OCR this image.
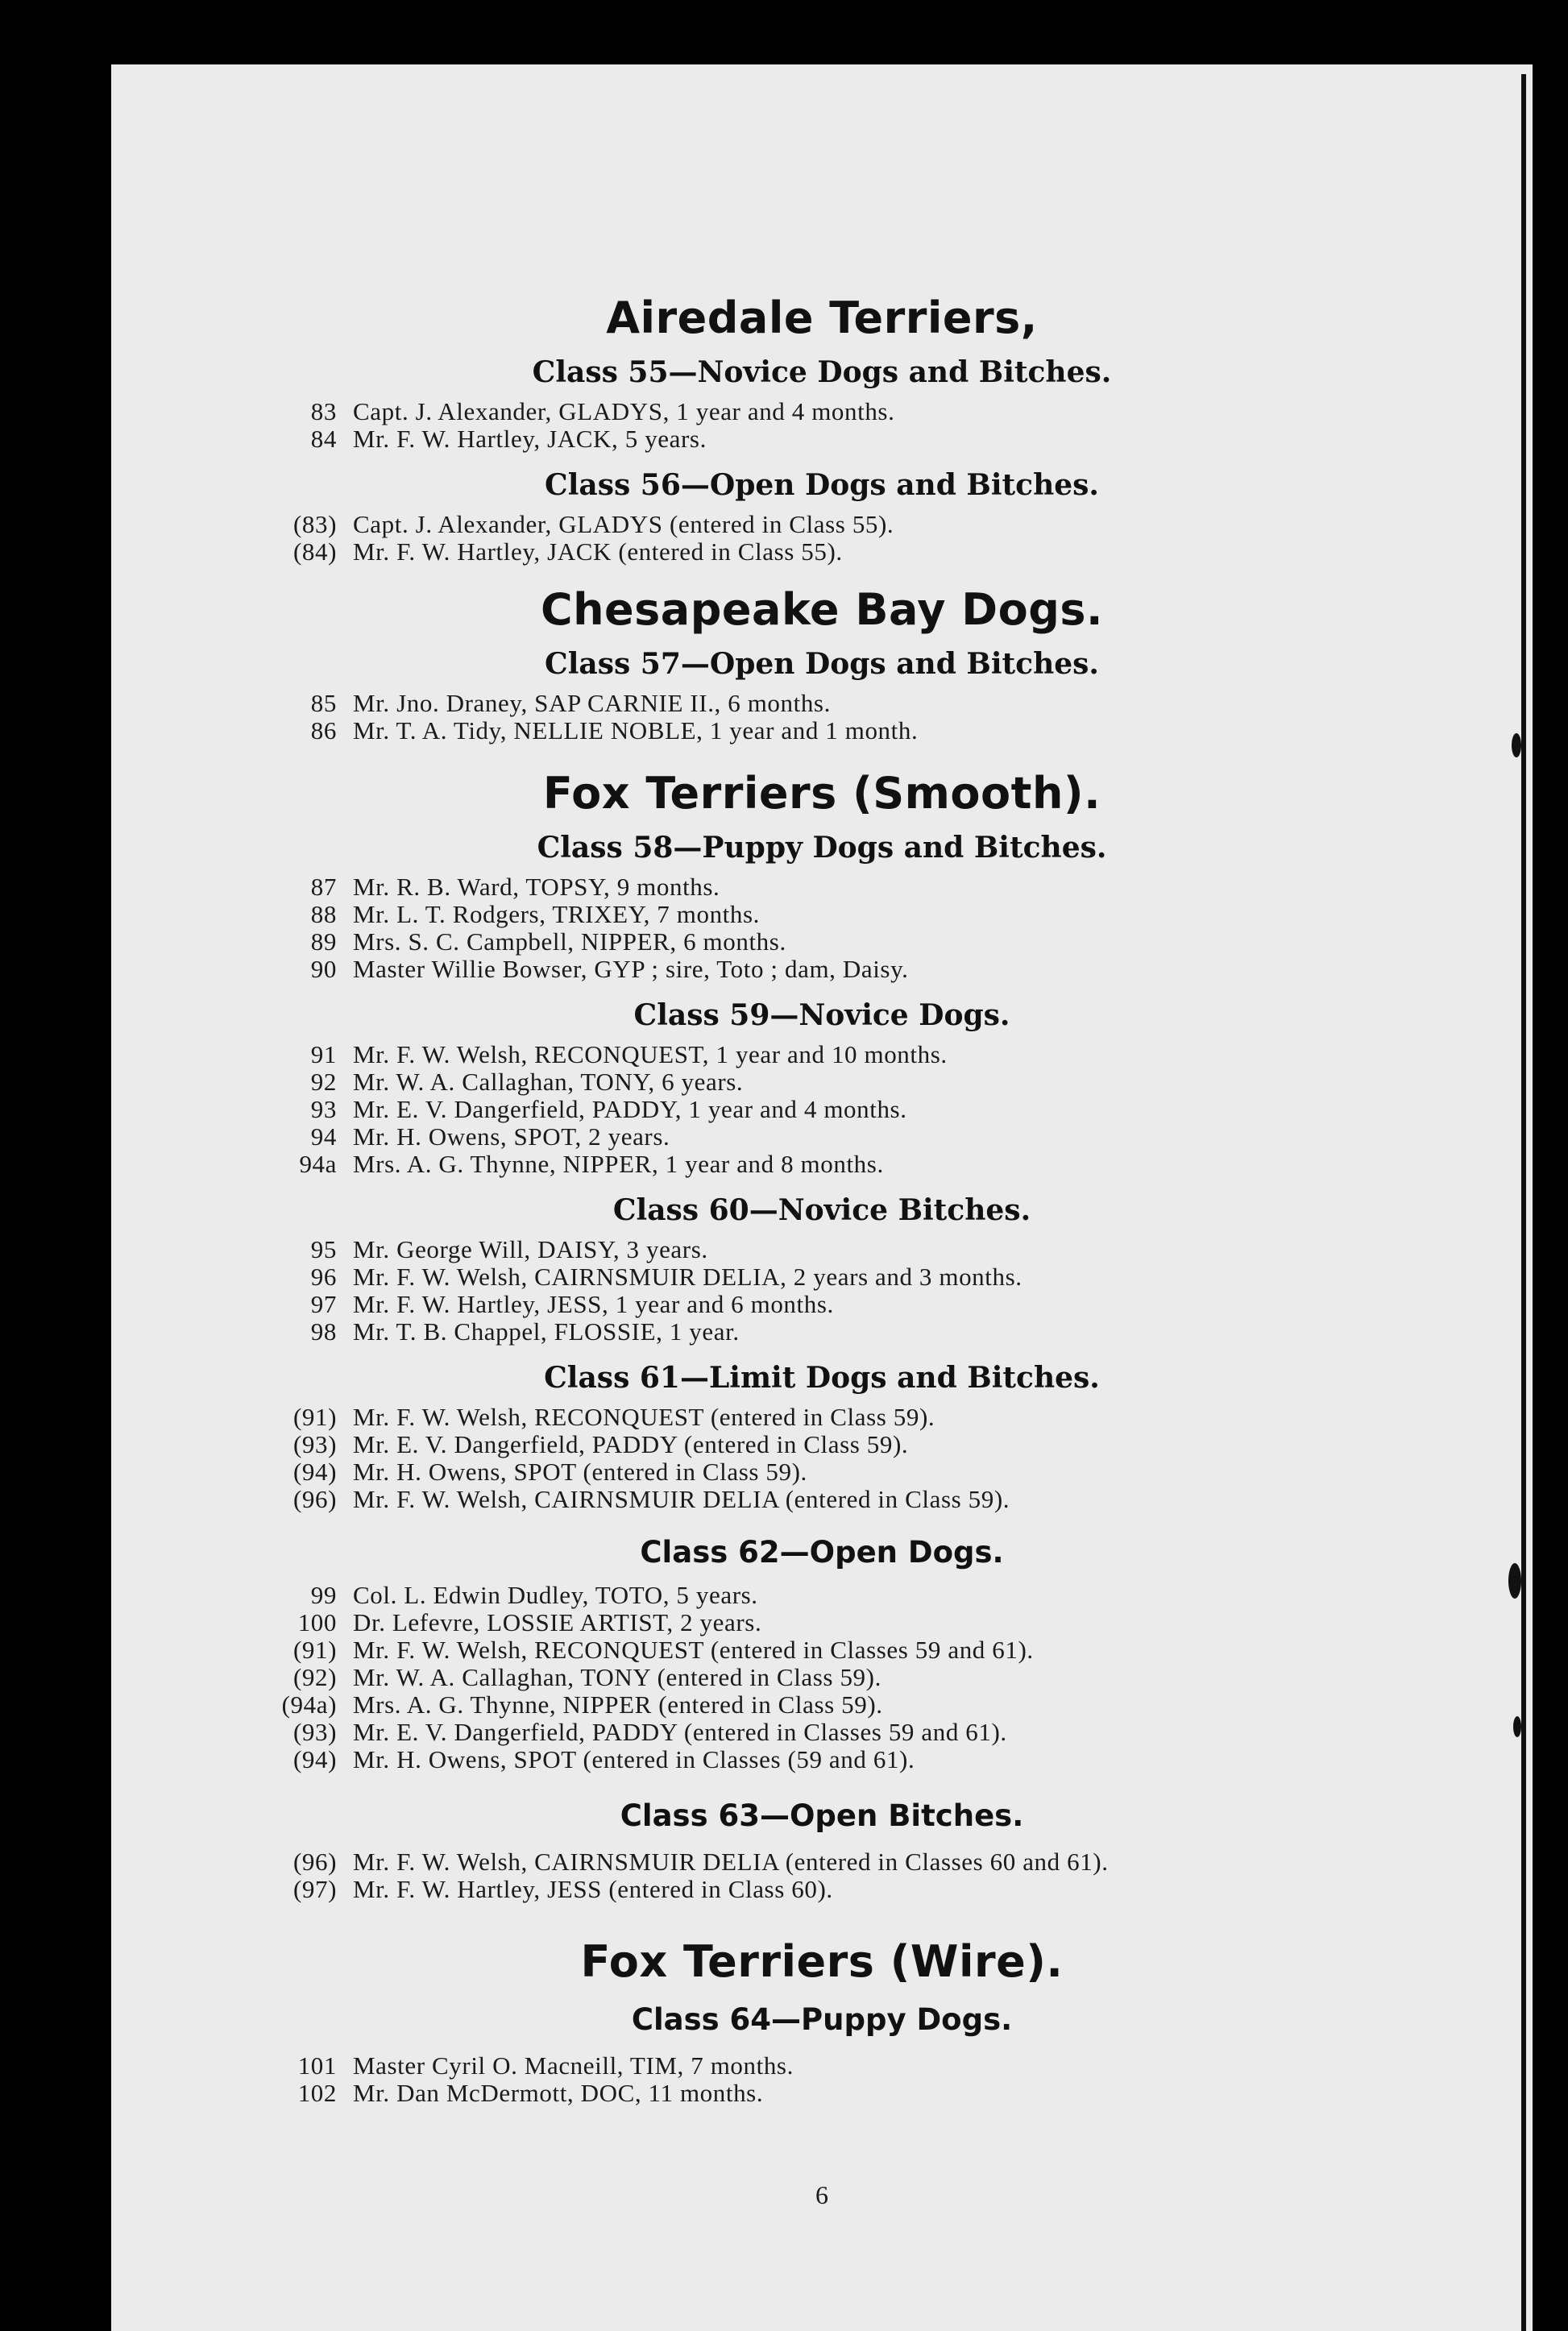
Airedale Terriers,
Class 55—Novice Dogs and Bitches.
83 Capt. J. Alexander, GLADYS, 1 year and 4 months.
84 Mr. F. W. Hartley, JACK, 5 years.
Class 56—Open Dogs and Bitches.
(83) Capt. J. Alexander, GLADYS (entered in Class 55).
(84) Mr. F. W. Hartley, JACK (entered in Class 55).
Chesapeake Bay Dogs.
Class 57—Open Dogs and Bitches.
85 Mr. Jno. Draney, SAP CARNIE II., 6 months.
86 Mr. T. A. Tidy, NELLIE NOBLE, 1 year and 1 month.
Fox Terriers (Smooth).
Class 58—Puppy Dogs and Bitches.
87 Mr. R. B. Ward, TOPSY, 9 months.
88 Mr. L. T. Rodgers, TRIXEY, 7 months.
89 Mrs. S. C. Campbell, NIPPER, 6 months.
90 Master Willie Bowser, GYP ; sire, Toto ; dam, Daisy.
Class 59—Novice Dogs.
91 Mr. F. W. Welsh, RECONQUEST, 1 year and 10 months.
92 Mr. W. A. Callaghan, TONY, 6 years.
93 Mr. E. V. Dangerfield, PADDY, 1 year and 4 months.
94 Mr. H. Owens, SPOT, 2 years.
94a Mrs. A. G. Thynne, NIPPER, 1 year and 8 months.
Class 60—Novice Bitches.
95 Mr. George Will, DAISY, 3 years.
96 Mr. F. W. Welsh, CAIRNSMUIR DELIA, 2 years and 3 months.
97 Mr. F. W. Hartley, JESS, 1 year and 6 months.
98 Mr. T. B. Chappel, FLOSSIE, 1 year.
Class 61—Limit Dogs and Bitches.
(91) Mr. F. W. Welsh, RECONQUEST (entered in Class 59).
(93) Mr. E. V. Dangerfield, PADDY (entered in Class 59).
(94) Mr. H. Owens, SPOT (entered in Class 59).
(96) Mr. F. W. Welsh, CAIRNSMUIR DELIA (entered in Class 59).
Class 62—Open Dogs.
99 Col. L. Edwin Dudley, TOTO, 5 years.
100 Dr. Lefevre, LOSSIE ARTIST, 2 years.
(91) Mr. F. W. Welsh, RECONQUEST (entered in Classes 59 and 61).
(92) Mr. W. A. Callaghan, TONY (entered in Class 59).
(94a) Mrs. A. G. Thynne, NIPPER (entered in Class 59).
(93) Mr. E. V. Dangerfield, PADDY (entered in Classes 59 and 61).
(94) Mr. H. Owens, SPOT (entered in Classes (59 and 61).
Class 63—Open Bitches.
(96) Mr. F. W. Welsh, CAIRNSMUIR DELIA (entered in Classes 60 and 61).
(97) Mr. F. W. Hartley, JESS (entered in Class 60).
Fox Terriers (Wire).
Class 64—Puppy Dogs.
101 Master Cyril O. Macneill, TIM, 7 months.
102 Mr. Dan McDermott, DOC, 11 months.
6
